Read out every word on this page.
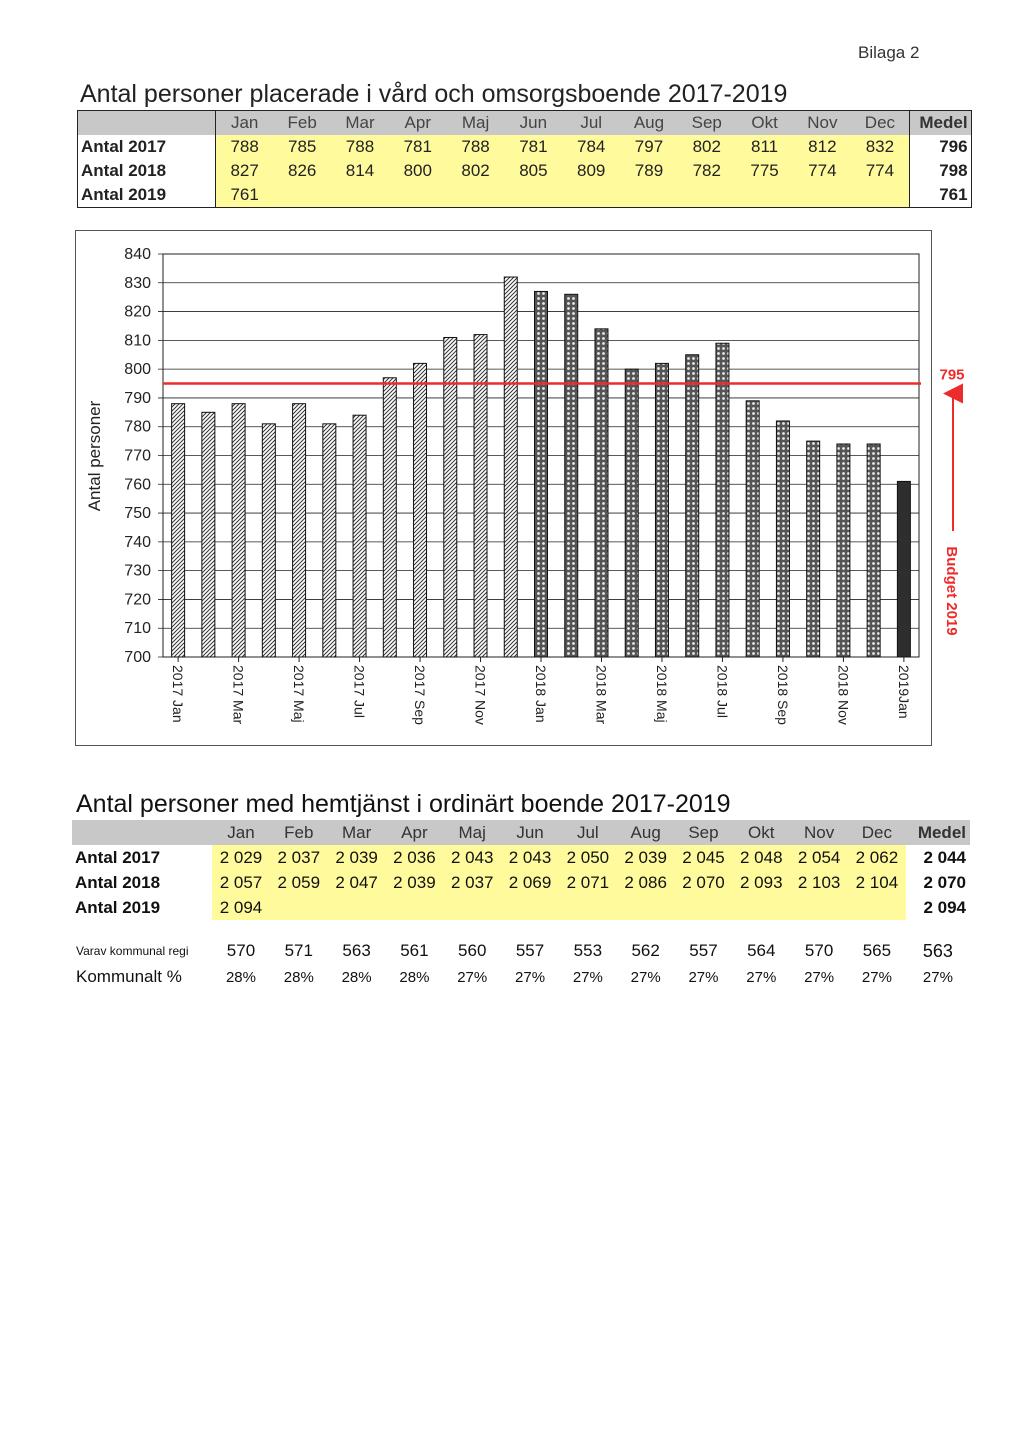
Bilaga 2
Antal personer placerade i vård och omsorgsboende 2017-2019
	Jan	Feb	Mar	Apr	Maj	Jun	Jul	Aug	Sep	Okt	Nov	Dec	Medel
Antal 2017	788	785	788	781	788	781	784	797	802	811	812	832	796
Antal 2018	827	826	814	800	802	805	809	789	782	775	774	774	798
Antal 2019	761												761
2017 Jan	2017 Mar	2017 Maj	2017 Jul	2017 Sep	2017 Nov	2018 Jan	2018 Mar	2018 Maj	2018 Jul	2018 Sep	2018 Nov	2019Jan
700
710
720
730
740
750
760
770
780
790
800
810
820
830
840
Antal personer
795
Budget 2019
Antal personer med hemtjänst i ordinärt boende 2017-2019
	Jan	Feb	Mar	Apr	Maj	Jun	Jul	Aug	Sep	Okt	Nov	Dec	Medel
Antal 2017	2 029	2 037	2 039	2 036	2 043	2 043	2 050	2 039	2 045	2 048	2 054	2 062	2 044
Antal 2018	2 057	2 059	2 047	2 039	2 037	2 069	2 071	2 086	2 070	2 093	2 103	2 104	2 070
Antal 2019	2 094												2 094
Varav kommunal regi	570	571	563	561	560	557	553	562	557	564	570	565	563
Kommunalt %	28%	28%	28%	28%	27%	27%	27%	27%	27%	27%	27%	27%	27%
